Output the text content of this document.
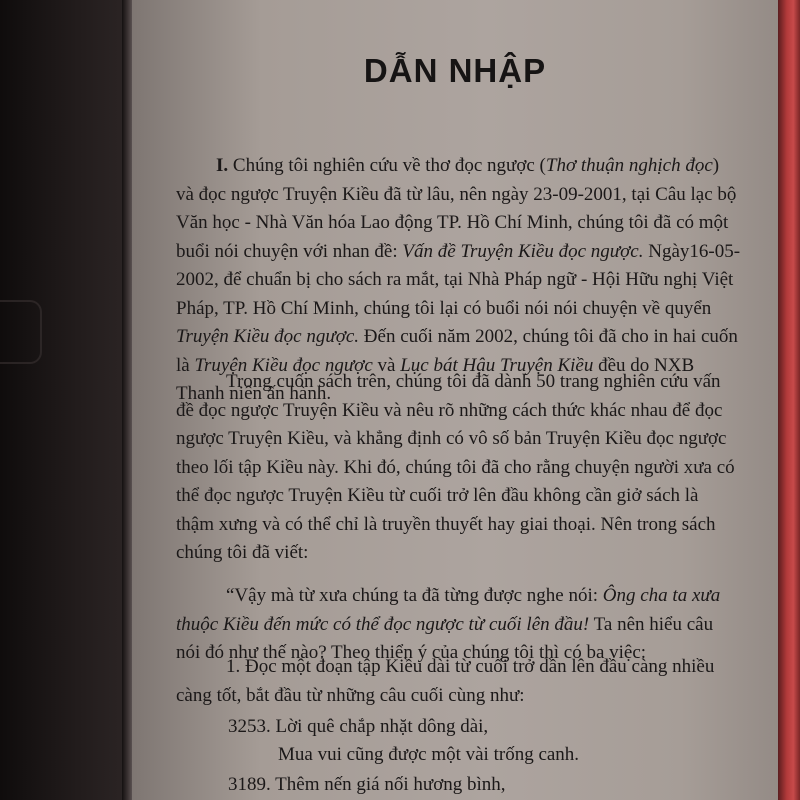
DẪN NHẬP

I. Chúng tôi nghiên cứu về thơ đọc ngược (Thơ thuận nghịch đọc) và đọc ngược Truyện Kiều đã từ lâu, nên ngày 23-09-2001, tại Câu lạc bộ Văn học - Nhà Văn hóa Lao động TP. Hồ Chí Minh, chúng tôi đã có một buổi nói chuyện với nhan đề: Vấn đề Truyện Kiều đọc ngược. Ngày16-05-2002, để chuẩn bị cho sách ra mắt, tại Nhà Pháp ngữ - Hội Hữu nghị Việt Pháp, TP. Hồ Chí Minh, chúng tôi lại có buổi nói nói chuyện về quyển Truyện Kiều đọc ngược. Đến cuối năm 2002, chúng tôi đã cho in hai cuốn là Truyện Kiều đọc ngược và Lục bát Hậu Truyện Kiều đều do NXB Thanh niên ấn hành.

Trong cuốn sách trên, chúng tôi đã dành 50 trang nghiên cứu vấn đề đọc ngược Truyện Kiều và nêu rõ những cách thức khác nhau để đọc ngược Truyện Kiều, và khẳng định có vô số bản Truyện Kiều đọc ngược theo lối tập Kiều này. Khi đó, chúng tôi đã cho rằng chuyện người xưa có thể đọc ngược Truyện Kiều từ cuối trở lên đầu không cần giở sách là thậm xưng và có thể chỉ là truyền thuyết hay giai thoại. Nên trong sách chúng tôi đã viết:

“Vậy mà từ xưa chúng ta đã từng được nghe nói: Ông cha ta xưa thuộc Kiều đến mức có thể đọc ngược từ cuối lên đầu! Ta nên hiểu câu nói đó như thế nào? Theo thiển ý của chúng tôi thì có ba việc:

1. Đọc một đoạn tập Kiều dài từ cuối trở dần lên đầu càng nhiều càng tốt, bắt đầu từ những câu cuối cùng như:

3253. Lời quê chắp nhặt dông dài,

Mua vui cũng được một vài trống canh.

3189. Thêm nến giá nối hương bình,
